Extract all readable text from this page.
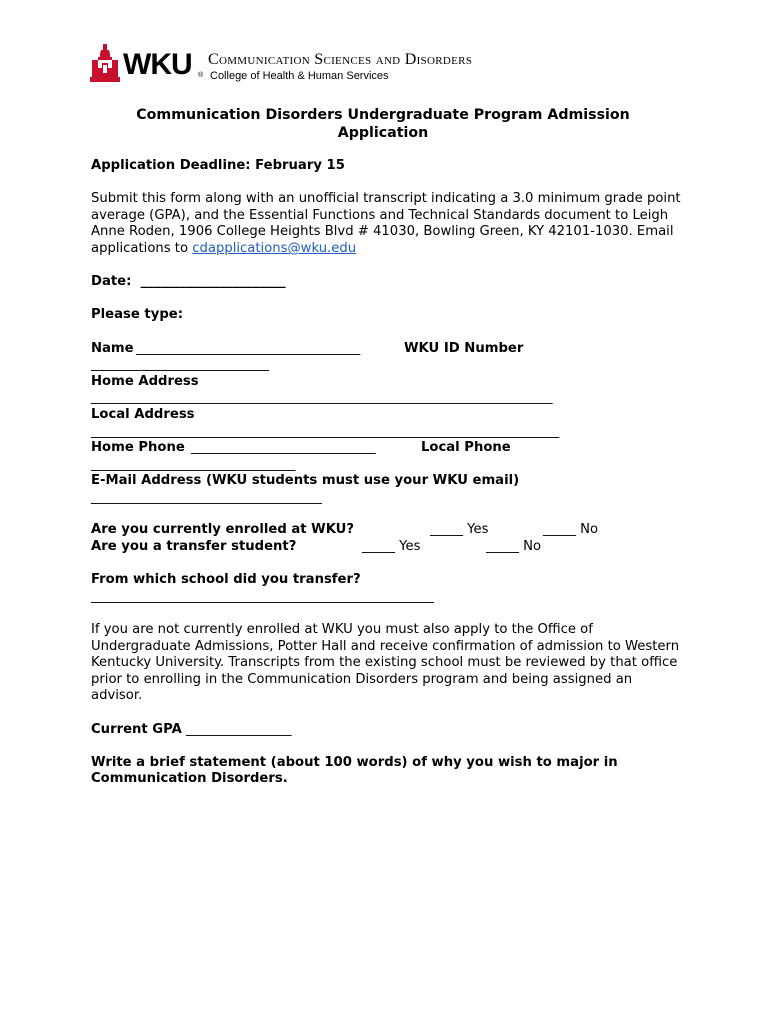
WKU ®
Communication Sciences and Disorders
College of Health & Human Services
Communication Disorders Undergraduate Program Admission
Application

Application Deadline: February 15

Submit this form along with an unofficial transcript indicating a 3.0 minimum grade point average (GPA), and the Essential Functions and Technical Standards document to Leigh Anne Roden, 1906 College Heights Blvd # 41030, Bowling Green, KY 42101-1030. Email applications to cdapplications@wku.edu

Date: ______________________

Please type:

Name __________________________________	WKU ID Number
___________________________
Home Address
______________________________________________________________________
Local Address
_______________________________________________________________________
Home Phone ____________________________	Local Phone
_______________________________
E-Mail Address (WKU students must use your WKU email)
___________________________________
Are you currently enrolled at WKU?	_____ Yes	_____ No
Are you a transfer student?	_____ Yes	_____ No
From which school did you transfer?
____________________________________________________

If you are not currently enrolled at WKU you must also apply to the Office of Undergraduate Admissions, Potter Hall and receive confirmation of admission to Western Kentucky University. Transcripts from the existing school must be reviewed by that office prior to enrolling in the Communication Disorders program and being assigned an advisor.

Current GPA ________________

Write a brief statement (about 100 words) of why you wish to major in Communication Disorders.
